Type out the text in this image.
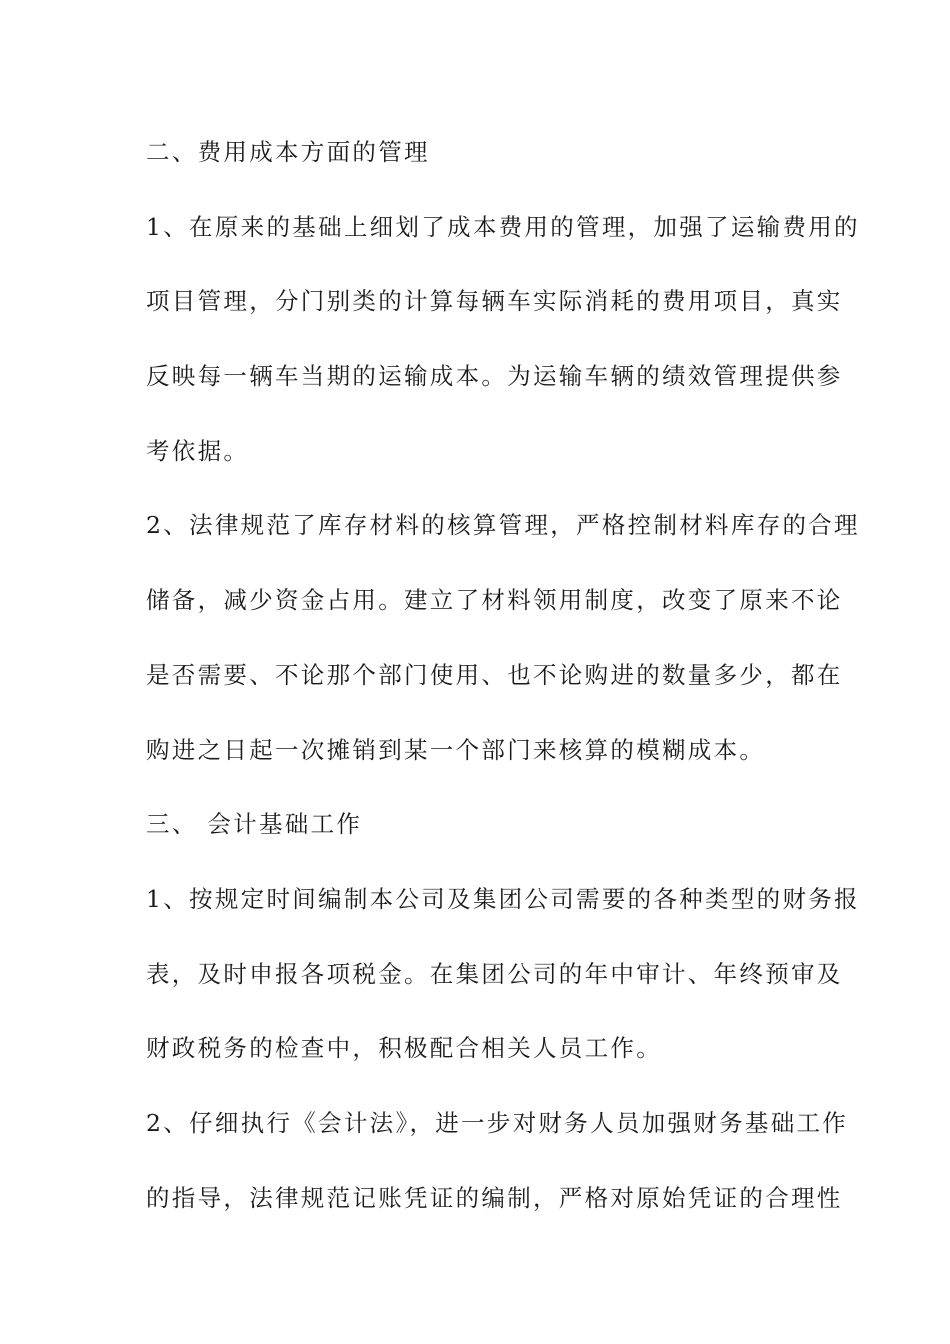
二、费用成本方面的管理
1、在原来的基础上细划了成本费用的管理，加强了运输费用的
项目管理，分门别类的计算每辆车实际消耗的费用项目，真实
反映每一辆车当期的运输成本。为运输车辆的绩效管理提供参
考依据。
2、法律规范了库存材料的核算管理，严格控制材料库存的合理
储备，减少资金占用。建立了材料领用制度，改变了原来不论
是否需要、不论那个部门使用、也不论购进的数量多少，都在
购进之日起一次摊销到某一个部门来核算的模糊成本。
三、 会计基础工作
1、按规定时间编制本公司及集团公司需要的各种类型的财务报
表，及时申报各项税金。在集团公司的年中审计、年终预审及
财政税务的检查中，积极配合相关人员工作。
2、仔细执行《会计法》，进一步对财务人员加强财务基础工作
的指导，法律规范记账凭证的编制，严格对原始凭证的合理性
